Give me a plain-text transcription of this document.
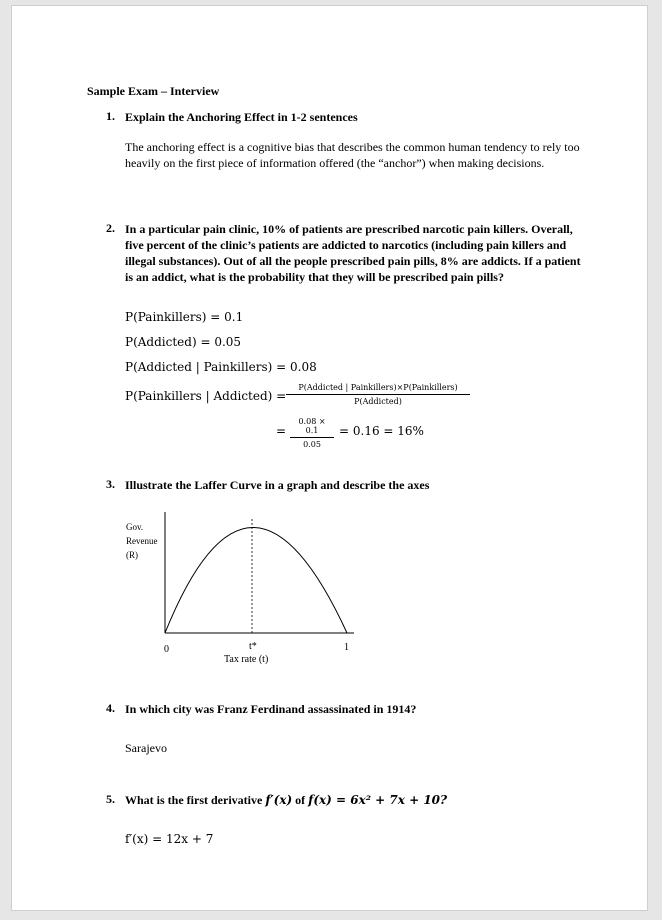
Sample Exam – Interview
1. Explain the Anchoring Effect in 1-2 sentences
The anchoring effect is a cognitive bias that describes the common human tendency to rely too heavily on the first piece of information offered (the “anchor”) when making decisions.
2. In a particular pain clinic, 10% of patients are prescribed narcotic pain killers. Overall, five percent of the clinic’s patients are addicted to narcotics (including pain killers and illegal substances). Out of all the people prescribed pain pills, 8% are addicts. If a patient is an addict, what is the probability that they will be prescribed pain pills?
P(Painkillers) = 0.1
P(Addicted) = 0.05
P(Addicted | Painkillers) = 0.08
P(Painkillers | Addicted) =
P(Addicted | Painkillers)×P(Painkillers)
P(Addicted)
= $\frac{0.08 \times 0.1}{0.05} = 0.16 = 16\%$
3. Illustrate the Laffer Curve in a graph and describe the axes
Gov.
Revenue
(R)
0	t*	1
Tax rate (t)
4. In which city was Franz Ferdinand assassinated in 1914?
Sarajevo
5. What is the first derivative f′(x) of f(x) = 6x² + 7x + 10?
f′(x) = 12x + 7
